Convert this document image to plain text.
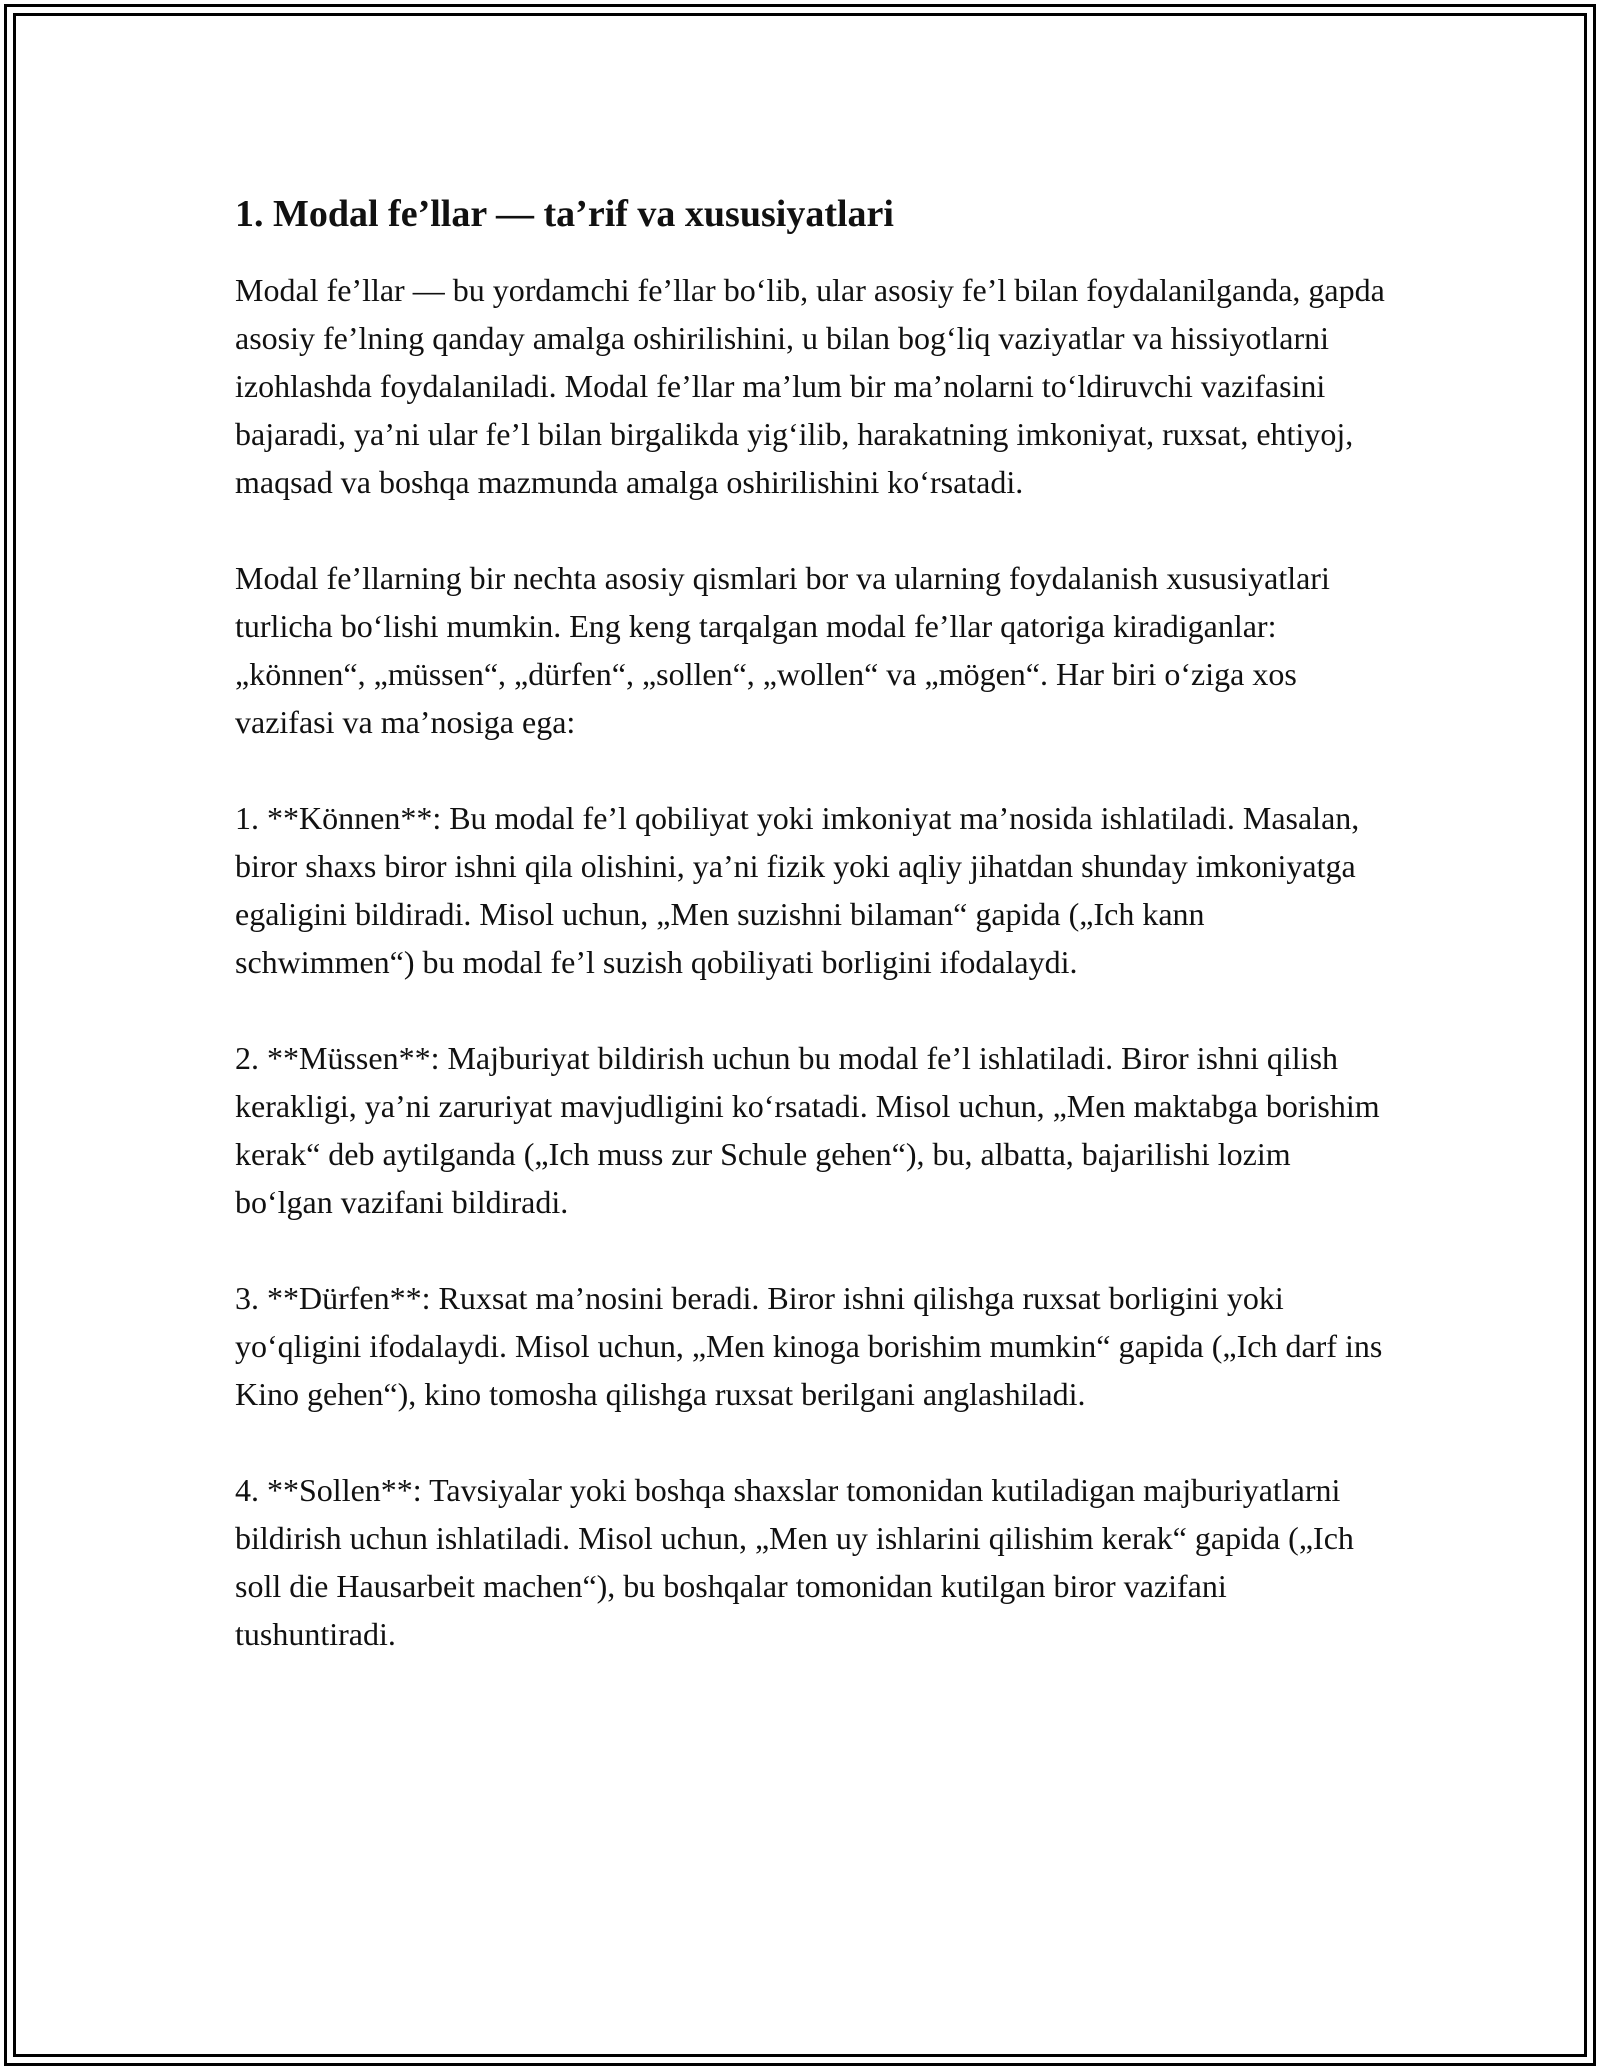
1. Modal fe’llar — ta’rif va xususiyatlari

Modal fe’llar — bu yordamchi fe’llar bo‘lib, ular asosiy fe’l bilan foydalanilganda, gapda asosiy fe’lning qanday amalga oshirilishini, u bilan bog‘liq vaziyatlar va hissiyotlarni izohlashda foydalaniladi. Modal fe’llar ma’lum bir ma’nolarni to‘ldiruvchi vazifasini bajaradi, ya’ni ular fe’l bilan birgalikda yig‘ilib, harakatning imkoniyat, ruxsat, ehtiyoj, maqsad va boshqa mazmunda amalga oshirilishini ko‘rsatadi.

Modal fe’llarning bir nechta asosiy qismlari bor va ularning foydalanish xususiyatlari turlicha bo‘lishi mumkin. Eng keng tarqalgan modal fe’llar qatoriga kiradiganlar: „können“, „müssen“, „dürfen“, „sollen“, „wollen“ va „mögen“. Har biri o‘ziga xos vazifasi va ma’nosiga ega:

1. **Können**: Bu modal fe’l qobiliyat yoki imkoniyat ma’nosida ishlatiladi. Masalan, biror shaxs biror ishni qila olishini, ya’ni fizik yoki aqliy jihatdan shunday imkoniyatga egaligini bildiradi. Misol uchun, „Men suzishni bilaman“ gapida („Ich kann schwimmen“) bu modal fe’l suzish qobiliyati borligini ifodalaydi.

2. **Müssen**: Majburiyat bildirish uchun bu modal fe’l ishlatiladi. Biror ishni qilish kerakligi, ya’ni zaruriyat mavjudligini ko‘rsatadi. Misol uchun, „Men maktabga borishim kerak“ deb aytilganda („Ich muss zur Schule gehen“), bu, albatta, bajarilishi lozim bo‘lgan vazifani bildiradi.

3. **Dürfen**: Ruxsat ma’nosini beradi. Biror ishni qilishga ruxsat borligini yoki yo‘qligini ifodalaydi. Misol uchun, „Men kinoga borishim mumkin“ gapida („Ich darf ins Kino gehen“), kino tomosha qilishga ruxsat berilgani anglashiladi.

4. **Sollen**: Tavsiyalar yoki boshqa shaxslar tomonidan kutiladigan majburiyatlarni bildirish uchun ishlatiladi. Misol uchun, „Men uy ishlarini qilishim kerak“ gapida („Ich soll die Hausarbeit machen“), bu boshqalar tomonidan kutilgan biror vazifani tushuntiradi.
